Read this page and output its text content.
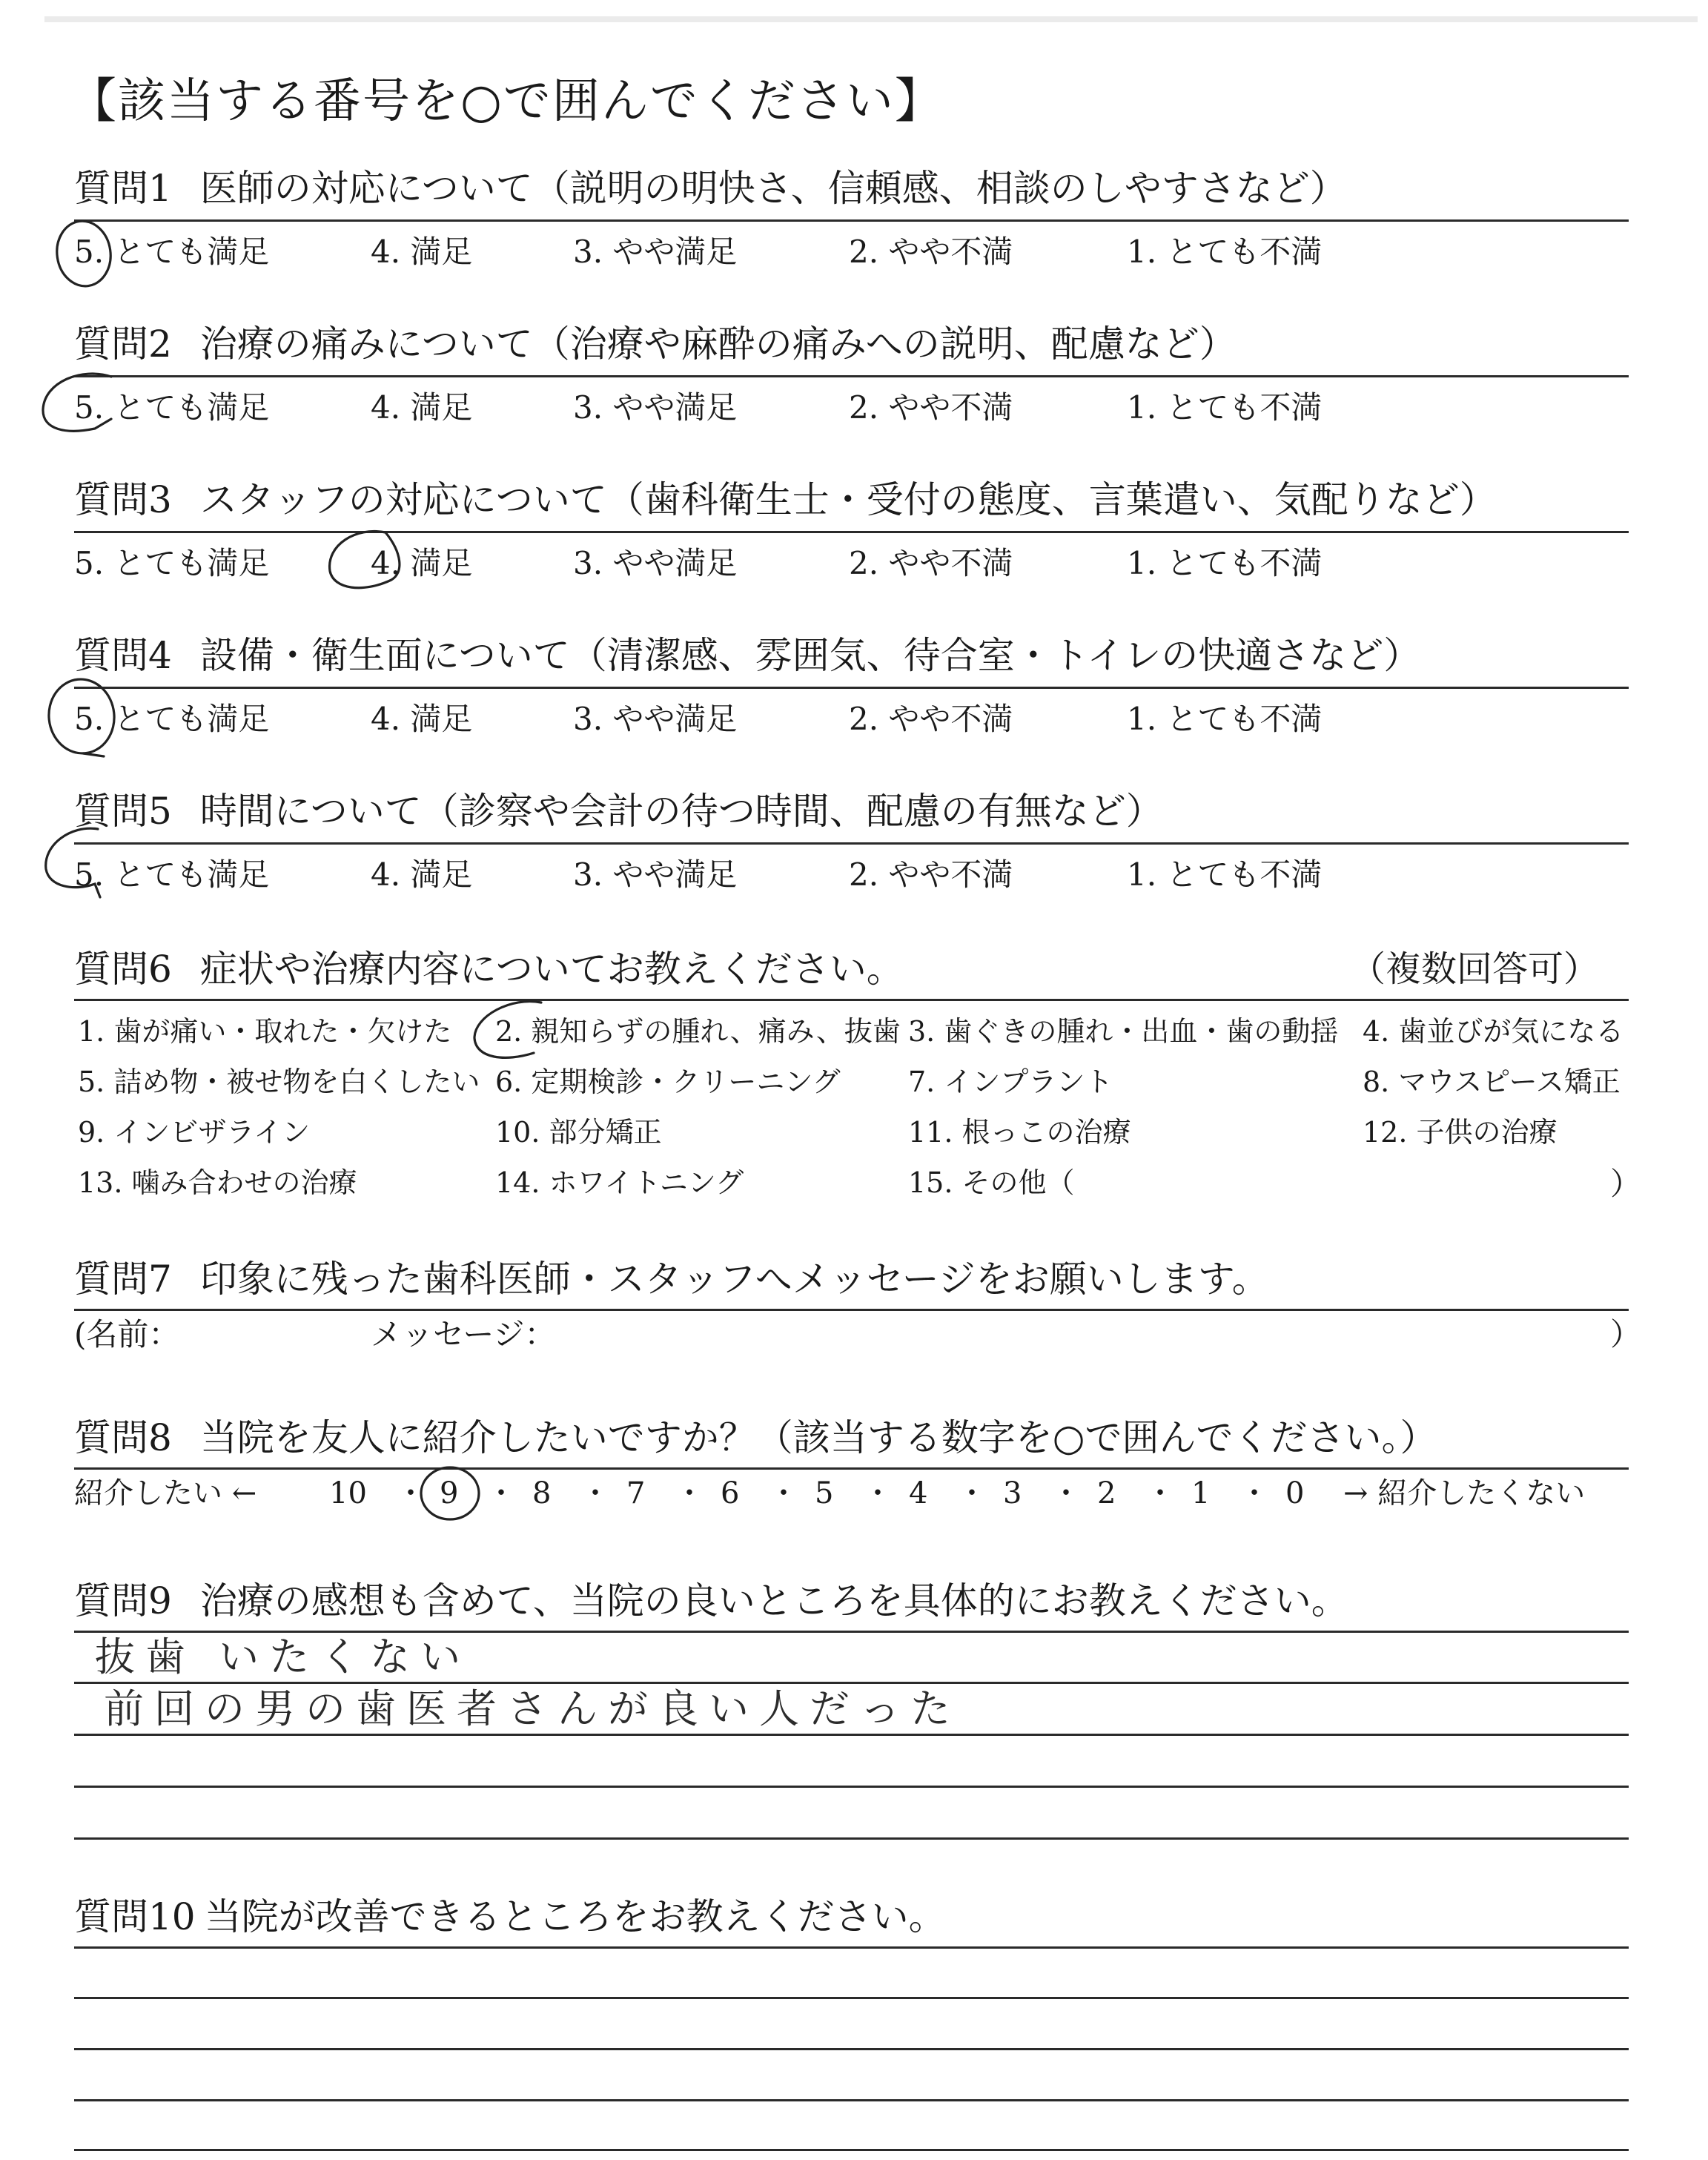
【該当する番号を○で囲んでください】
質問1 医師の対応について（説明の明快さ、信頼感、相談のしやすさなど）
5. とても満足	4. 満足	3. やや満足	2. やや不満	1. とても不満
質問2 治療の痛みについて（治療や麻酔の痛みへの説明、配慮など）
5. とても満足	4. 満足	3. やや満足	2. やや不満	1. とても不満
質問3 スタッフの対応について（歯科衛生士・受付の態度、言葉遣い、気配りなど）
5. とても満足	4. 満足	3. やや満足	2. やや不満	1. とても不満
質問4 設備・衛生面について（清潔感、雰囲気、待合室・トイレの快適さなど）
5. とても満足	4. 満足	3. やや満足	2. やや不満	1. とても不満
質問5 時間について（診察や会計の待つ時間、配慮の有無など）
5. とても満足	4. 満足	3. やや満足	2. やや不満	1. とても不満
質問6 症状や治療内容についてお教えください。	（複数回答可）
1. 歯が痛い・取れた・欠けた 2. 親知らずの腫れ、痛み、抜歯 3. 歯ぐきの腫れ・出血・歯の動揺 4. 歯並びが気になる
5. 詰め物・被せ物を白くしたい 6. 定期検診・クリーニング 7. インプラント	8. マウスピース矯正
9. インビザライン	10. 部分矯正	11. 根っこの治療	12. 子供の治療
13. 噛み合わせの治療	14. ホワイトニング	15. その他（	）
質問7 印象に残った歯科医師・スタッフへメッセージをお願いします。
(名前：	メッセージ：	）
質問8 当院を友人に紹介したいですか？（該当する数字を○で囲んでください。）
紹介したい ← 10 ・ 9 ・ 8 ・ 7 ・ 6 ・ 5 ・ 4 ・ 3 ・ 2 ・ 1 ・ 0 → 紹介したくない
質問9 治療の感想も含めて、当院の良いところを具体的にお教えください。
抜歯 いたくない
前回の男の歯医者さんが良い人だった
質問10 当院が改善できるところをお教えください。
